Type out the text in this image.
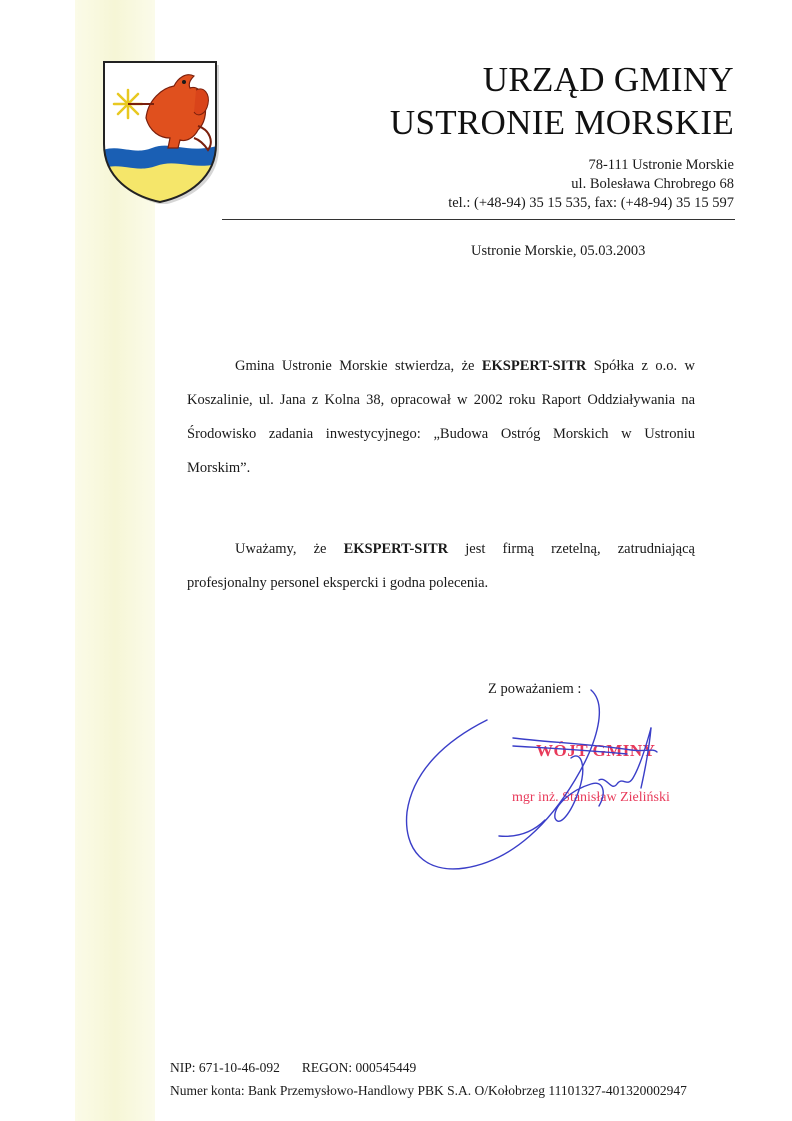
URZĄD GMINY
USTRONIE MORSKIE
78-111 Ustronie Morskie
ul. Bolesława Chrobrego 68
tel.: (+48-94) 35 15 535, fax: (+48-94) 35 15 597
Ustronie Morskie, 05.03.2003
Gmina Ustronie Morskie stwierdza, że EKSPERT-SITR Spółka z o.o. w Koszalinie, ul. Jana z Kolna 38, opracował w 2002 roku Raport Oddziaływania na Środowisko zadania inwestycyjnego: „Budowa Ostróg Morskich w Ustroniu Morskim”.
Uważamy, że EKSPERT-SITR jest firmą rzetelną, zatrudniającą profesjonalny personel ekspercki i godna polecenia.
Z poważaniem :
WÓJT GMINY
mgr inż. Stanisław Zieliński
NIP: 671-10-46-092 REGON: 000545449
Numer konta: Bank Przemysłowo-Handlowy PBK S.A. O/Kołobrzeg 11101327-401320002947
